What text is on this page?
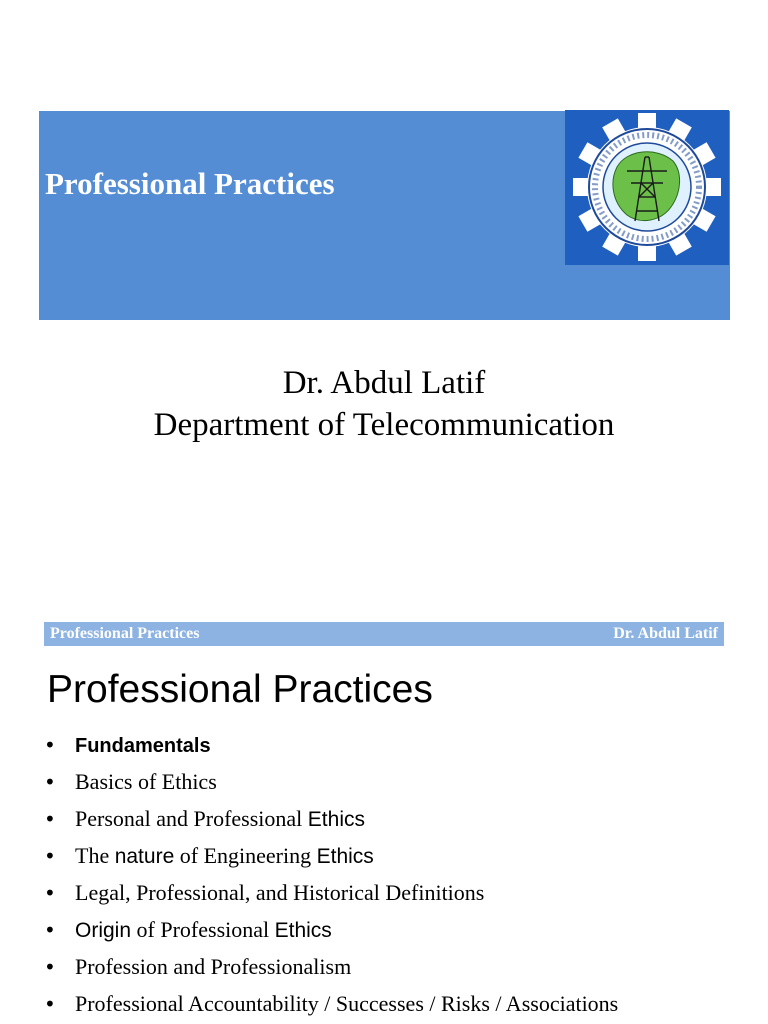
Professional Practices
Dr. Abdul Latif
Department of Telecommunication
Professional Practices	Dr. Abdul Latif
Professional Practices
• Fundamentals
• Basics of Ethics
• Personal and Professional Ethics
• The nature of Engineering Ethics
• Legal, Professional, and Historical Definitions
• Origin of Professional Ethics
• Profession and Professionalism
• Professional Accountability / Successes / Risks / Associations
